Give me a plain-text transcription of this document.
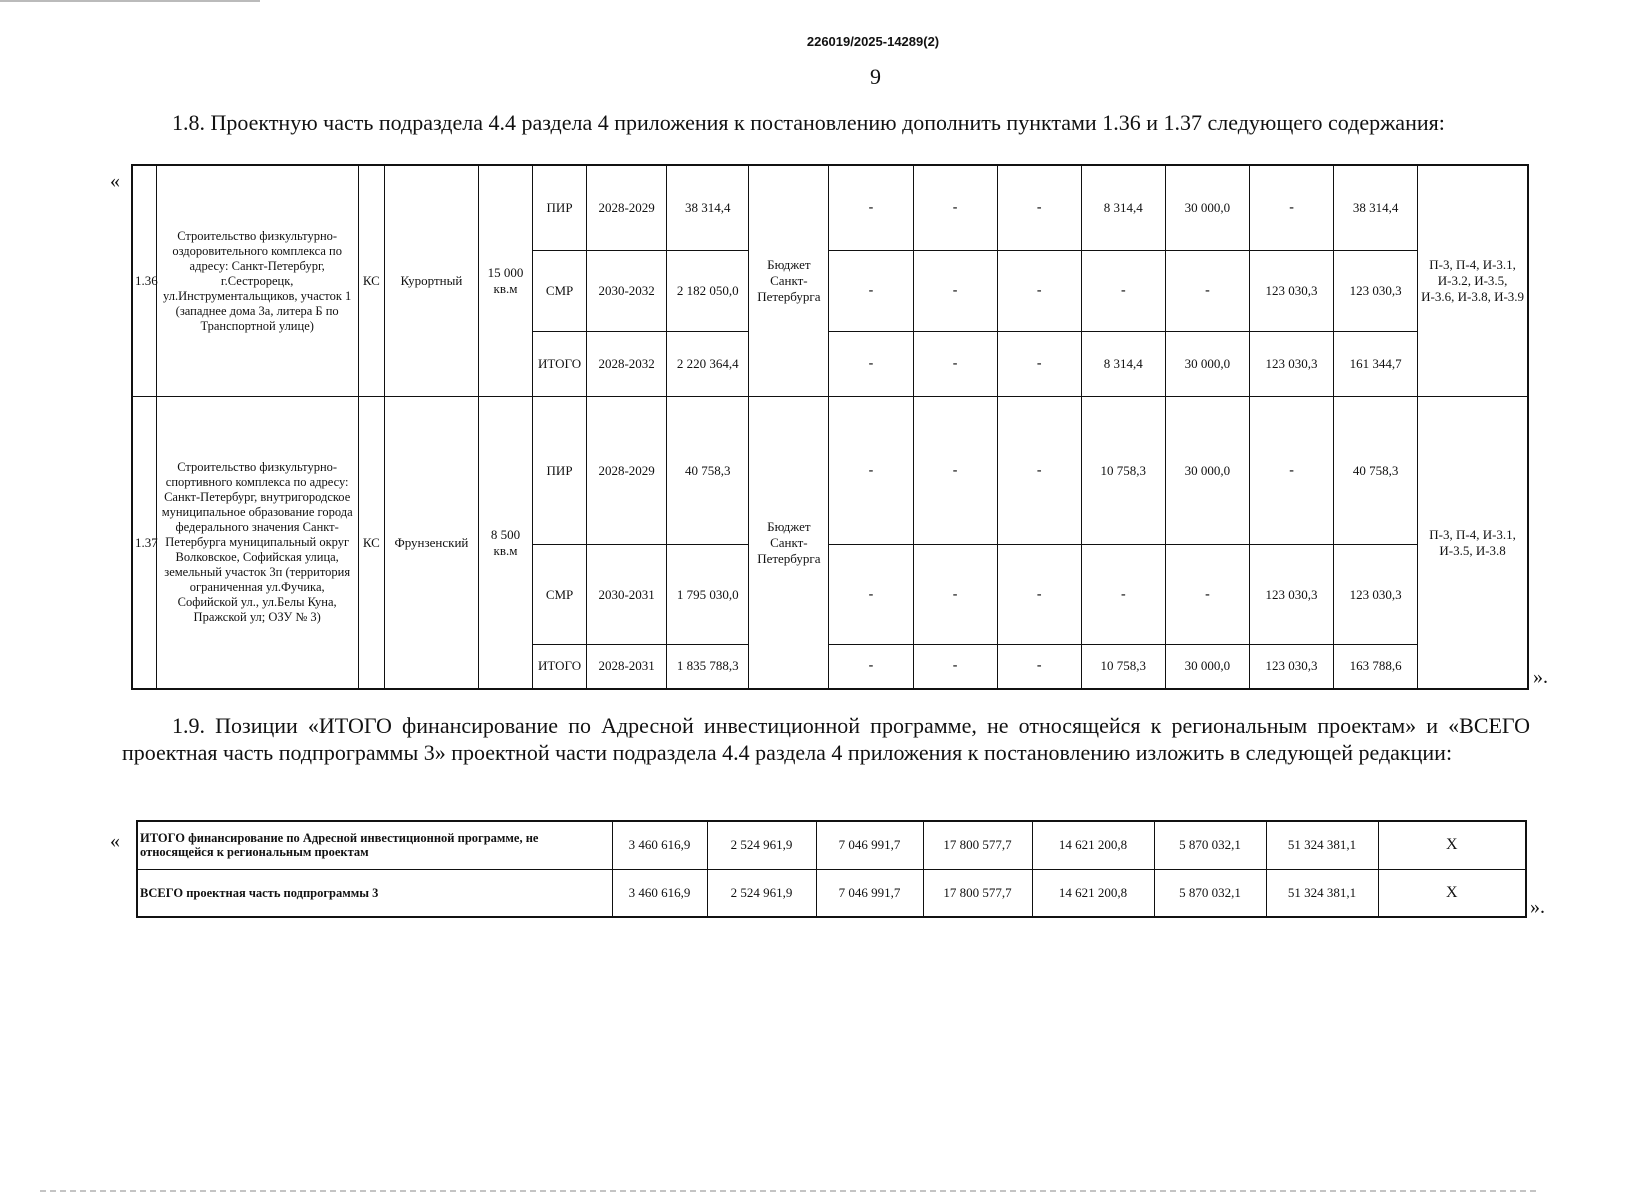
226019/2025-14289(2)
9
1.8. Проектную часть подраздела 4.4 раздела 4 приложения к постановлению дополнить пунктами 1.36 и 1.37 следующего содержания:
«
1.36	Строительство физкультурно-оздоровительного комплекса по адресу: Санкт-Петербург, г.Сестрорецк, ул.Инструментальщиков, участок 1 (западнее дома 3а, литера Б по Транспортной улице)	КС	Курортный	15 000 кв.м	ПИР	2028-2029	38 314,4	Бюджет Санкт-Петербурга	-	-	-	8 314,4	30 000,0	-	38 314,4	П-3, П-4, И-3.1, И-3.2, И-3.5, И-3.6, И-3.8, И-3.9
					СМР	2030-2032	2 182 050,0		-	-	-	-	-	123 030,3	123 030,3	
					ИТОГО	2028-2032	2 220 364,4		-	-	-	8 314,4	30 000,0	123 030,3	161 344,7	
1.37	Строительство физкультурно-спортивного комплекса по адресу: Санкт-Петербург, внутригородское муниципальное образование города федерального значения Санкт-Петербурга муниципальный округ Волковское, Софийская улица, земельный участок 3п (территория ограниченная ул.Фучика, Софийской ул., ул.Белы Куна, Пражской ул; ОЗУ № 3)	КС	Фрунзенский	8 500 кв.м	ПИР	2028-2029	40 758,3	Бюджет Санкт-Петербурга	-	-	-	10 758,3	30 000,0	-	40 758,3	П-3, П-4, И-3.1, И-3.5, И-3.8
					СМР	2030-2031	1 795 030,0		-	-	-	-	-	123 030,3	123 030,3	
					ИТОГО	2028-2031	1 835 788,3		-	-	-	10 758,3	30 000,0	123 030,3	163 788,6	
».
1.9. Позиции «ИТОГО финансирование по Адресной инвестиционной программе, не относящейся к региональным проектам» и «ВСЕГО проектная часть подпрограммы 3» проектной части подраздела 4.4 раздела 4 приложения к постановлению изложить в следующей редакции:
« ИТОГО финансирование по Адресной инвестиционной программе, не относящейся к региональным проектам	3 460 616,9	2 524 961,9	7 046 991,7	17 800 577,7	14 621 200,8	5 870 032,1	51 324 381,1	Х
ВСЕГО проектная часть подпрограммы 3	3 460 616,9	2 524 961,9	7 046 991,7	17 800 577,7	14 621 200,8	5 870 032,1	51 324 381,1	Х
».
